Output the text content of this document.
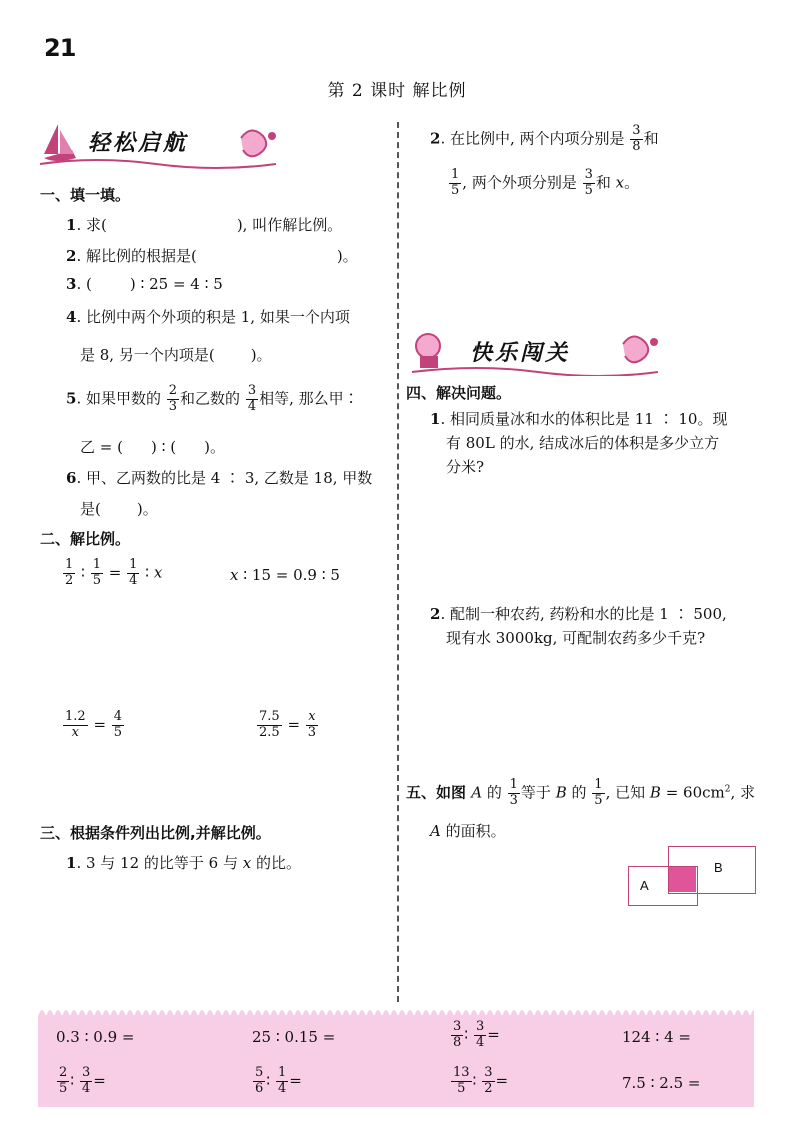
21
第 2 课时 解比例
轻松启航
快乐闯关
一、填一填。
1. 求(	), 叫作解比例。
2. 解比例的根据是(	)。
3. (	) ∶ 25 = 4 ∶ 5
4. 比例中两个外项的积是 1, 如果一个内项
是 8, 另一个内项是( )。
5. 如果甲数的 $\frac{2}{3}$ 和乙数的 $\frac{3}{4}$ 相等, 那么甲∶
乙 = ( ) ∶ ( )。
6. 甲、乙两数的比是 4 ∶ 3, 乙数是 18, 甲数
是( )。
二、解比例。
$\frac{1}{2}$ ∶ $\frac{1}{5} = \frac{1}{4}$ ∶ x	x ∶ 15 = 0.9 ∶ 5
$\frac{1.2}{x} = \frac{4}{5}$	$\frac{7.5}{2.5} = \frac{x}{3}$
三、根据条件列出比例,并解比例。
1. 3 与 12 的比等于 6 与 x 的比。
2. 在比例中, 两个内项分别是 $\frac{3}{8}$ 和
$\frac{1}{5}$ , 两个外项分别是 $\frac{3}{5}$ 和 x。
四、解决问题。
1. 相同质量冰和水的体积比是 11 ∶ 10。现
有 80L 的水, 结成冰后的体积是多少立方
分米?
2. 配制一种农药, 药粉和水的比是 1 ∶ 500,
现有水 3000kg, 可配制农药多少千克?
五、如图 A 的 $\frac{1}{3}$ 等于 B 的 $\frac{1}{5}$ , 已知 $B = 60cm^2$, 求
A 的面积。
A
B
0.3 ∶ 0.9 =	25 ∶ 0.15 =	$\frac{3}{8}$ ∶ $\frac{3}{4}$ =	124 ∶ 4 =
$\frac{2}{5}$ ∶ $\frac{3}{4}$ =	$\frac{5}{6}$ ∶ $\frac{1}{4}$ =	$\frac{13}{5}$ ∶ $\frac{3}{2}$ =	7.5 ∶ 2.5 =
